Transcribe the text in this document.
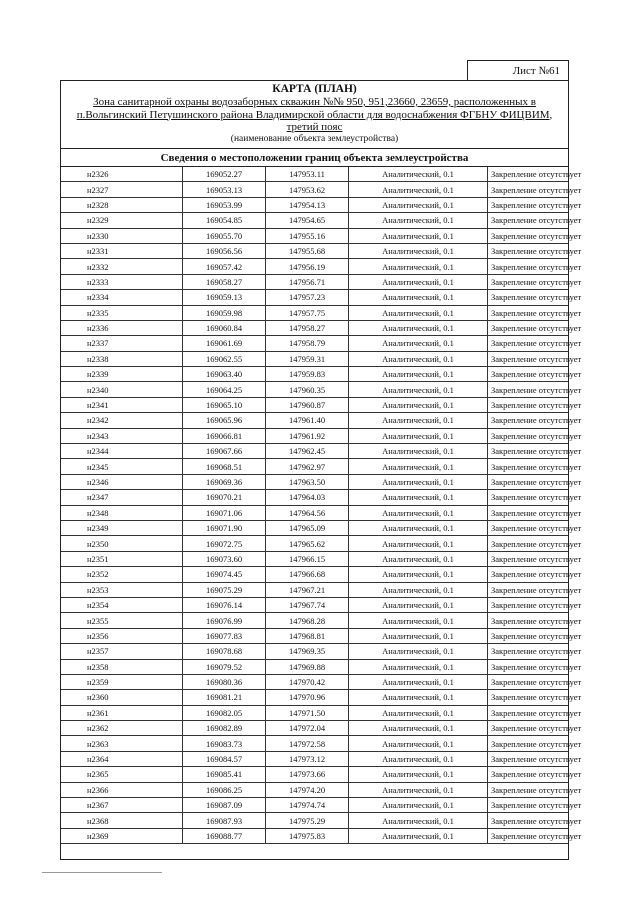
Лист №61
КАРТА (ПЛАН)
Зона санитарной охраны водозаборных скважин №№ 950, 951,23660, 23659, расположенных в
п.Вольгинский Петушинского района Владимирской области для водоснабжения ФГБНУ ФИЦВИМ,
третий пояс
(наименование объекта землеустройства)
Сведения о местоположении границ объекта землеустройства
н2326	169052.27	147953.11	Аналитический, 0.1	Закрепление отсутствует
н2327	169053.13	147953.62	Аналитический, 0.1	Закрепление отсутствует
н2328	169053.99	147954.13	Аналитический, 0.1	Закрепление отсутствует
н2329	169054.85	147954.65	Аналитический, 0.1	Закрепление отсутствует
н2330	169055.70	147955.16	Аналитический, 0.1	Закрепление отсутствует
н2331	169056.56	147955.68	Аналитический, 0.1	Закрепление отсутствует
н2332	169057.42	147956.19	Аналитический, 0.1	Закрепление отсутствует
н2333	169058.27	147956.71	Аналитический, 0.1	Закрепление отсутствует
н2334	169059.13	147957.23	Аналитический, 0.1	Закрепление отсутствует
н2335	169059.98	147957.75	Аналитический, 0.1	Закрепление отсутствует
н2336	169060.84	147958.27	Аналитический, 0.1	Закрепление отсутствует
н2337	169061.69	147958.79	Аналитический, 0.1	Закрепление отсутствует
н2338	169062.55	147959.31	Аналитический, 0.1	Закрепление отсутствует
н2339	169063.40	147959.83	Аналитический, 0.1	Закрепление отсутствует
н2340	169064.25	147960.35	Аналитический, 0.1	Закрепление отсутствует
н2341	169065.10	147960.87	Аналитический, 0.1	Закрепление отсутствует
н2342	169065.96	147961.40	Аналитический, 0.1	Закрепление отсутствует
н2343	169066.81	147961.92	Аналитический, 0.1	Закрепление отсутствует
н2344	169067.66	147962.45	Аналитический, 0.1	Закрепление отсутствует
н2345	169068.51	147962.97	Аналитический, 0.1	Закрепление отсутствует
н2346	169069.36	147963.50	Аналитический, 0.1	Закрепление отсутствует
н2347	169070.21	147964.03	Аналитический, 0.1	Закрепление отсутствует
н2348	169071.06	147964.56	Аналитический, 0.1	Закрепление отсутствует
н2349	169071.90	147965.09	Аналитический, 0.1	Закрепление отсутствует
н2350	169072.75	147965.62	Аналитический, 0.1	Закрепление отсутствует
н2351	169073.60	147966.15	Аналитический, 0.1	Закрепление отсутствует
н2352	169074.45	147966.68	Аналитический, 0.1	Закрепление отсутствует
н2353	169075.29	147967.21	Аналитический, 0.1	Закрепление отсутствует
н2354	169076.14	147967.74	Аналитический, 0.1	Закрепление отсутствует
н2355	169076.99	147968.28	Аналитический, 0.1	Закрепление отсутствует
н2356	169077.83	147968.81	Аналитический, 0.1	Закрепление отсутствует
н2357	169078.68	147969.35	Аналитический, 0.1	Закрепление отсутствует
н2358	169079.52	147969.88	Аналитический, 0.1	Закрепление отсутствует
н2359	169080.36	147970.42	Аналитический, 0.1	Закрепление отсутствует
н2360	169081.21	147970.96	Аналитический, 0.1	Закрепление отсутствует
н2361	169082.05	147971.50	Аналитический, 0.1	Закрепление отсутствует
н2362	169082.89	147972.04	Аналитический, 0.1	Закрепление отсутствует
н2363	169083.73	147972.58	Аналитический, 0.1	Закрепление отсутствует
н2364	169084.57	147973.12	Аналитический, 0.1	Закрепление отсутствует
н2365	169085.41	147973.66	Аналитический, 0.1	Закрепление отсутствует
н2366	169086.25	147974.20	Аналитический, 0.1	Закрепление отсутствует
н2367	169087.09	147974.74	Аналитический, 0.1	Закрепление отсутствует
н2368	169087.93	147975.29	Аналитический, 0.1	Закрепление отсутствует
н2369	169088.77	147975.83	Аналитический, 0.1	Закрепление отсутствует
